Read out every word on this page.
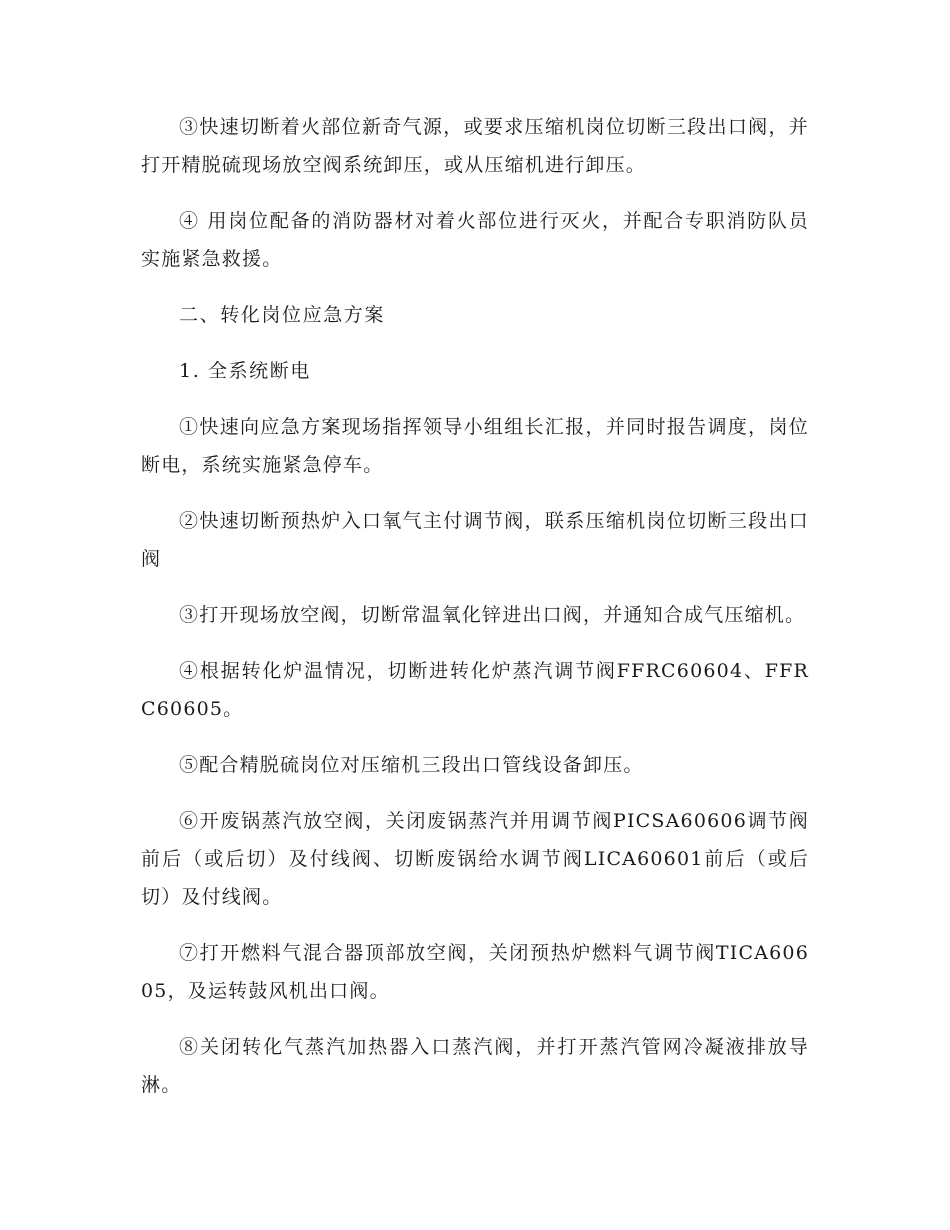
③快速切断着火部位新奇气源，或要求压缩机岗位切断三段出口阀，并打开精脱硫现场放空阀系统卸压，或从压缩机进行卸压。

④ 用岗位配备的消防器材对着火部位进行灭火，并配合专职消防队员实施紧急救援。

二、转化岗位应急方案

1. 全系统断电

①快速向应急方案现场指挥领导小组组长汇报，并同时报告调度，岗位断电，系统实施紧急停车。

②快速切断预热炉入口氧气主付调节阀，联系压缩机岗位切断三段出口阀

③打开现场放空阀，切断常温氧化锌进出口阀，并通知合成气压缩机。

④根据转化炉温情况，切断进转化炉蒸汽调节阀FFRC60604、FFRC60605。

⑤配合精脱硫岗位对压缩机三段出口管线设备卸压。

⑥开废锅蒸汽放空阀，关闭废锅蒸汽并用调节阀PICSA60606调节阀前后（或后切）及付线阀、切断废锅给水调节阀LICA60601前后（或后切）及付线阀。

⑦打开燃料气混合器顶部放空阀，关闭预热炉燃料气调节阀TICA60605，及运转鼓风机出口阀。

⑧关闭转化气蒸汽加热器入口蒸汽阀，并打开蒸汽管网冷凝液排放导淋。
